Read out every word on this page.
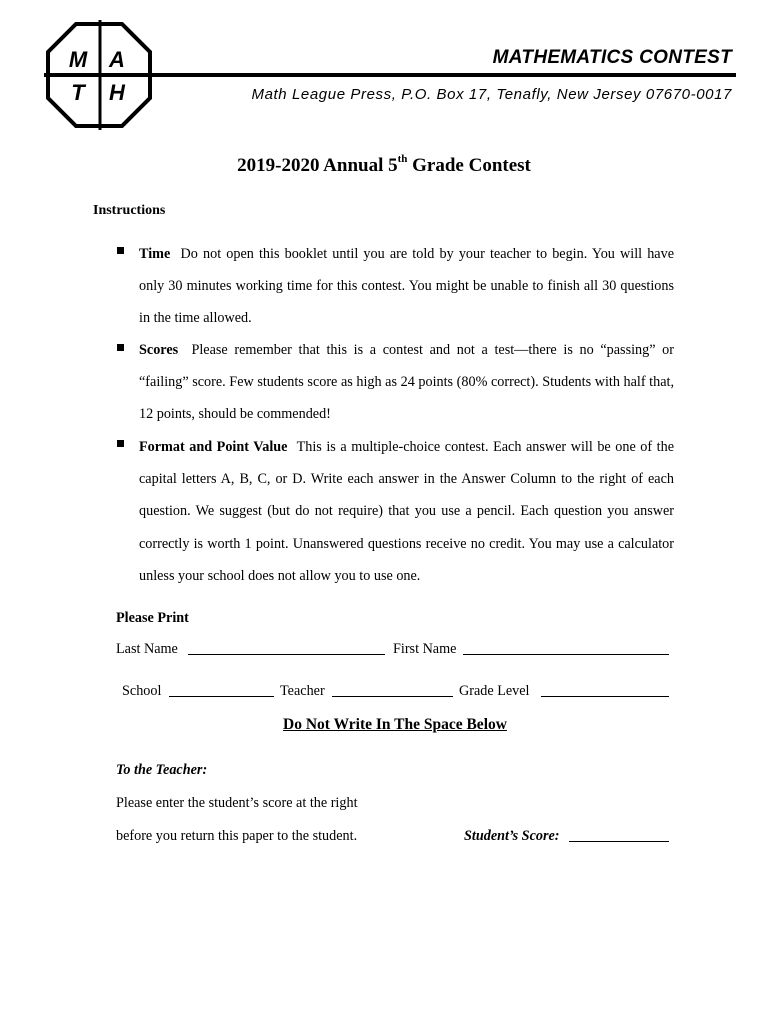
M A
T H
MATHEMATICS CONTEST
Math League Press, P.O. Box 17, Tenafly, New Jersey 07670-0017
2019-2020 Annual 5th Grade Contest
Instructions
Time Do not open this booklet until you are told by your teacher to begin. You will have only 30 minutes working time for this contest. You might be unable to finish all 30 questions in the time allowed.
Scores Please remember that this is a contest and not a test—there is no “passing” or “failing” score. Few students score as high as 24 points (80% correct). Students with half that, 12 points, should be commended!
Format and Point Value This is a multiple-choice contest. Each answer will be one of the capital letters A, B, C, or D. Write each answer in the Answer Column to the right of each question. We suggest (but do not require) that you use a pencil. Each question you answer correctly is worth 1 point. Unanswered questions receive no credit. You may use a calculator unless your school does not allow you to use one.
Please Print
Last Name	First Name
School	Teacher	Grade Level
Do Not Write In The Space Below
To the Teacher:
Please enter the student’s score at the right
before you return this paper to the student.	Student’s Score:
